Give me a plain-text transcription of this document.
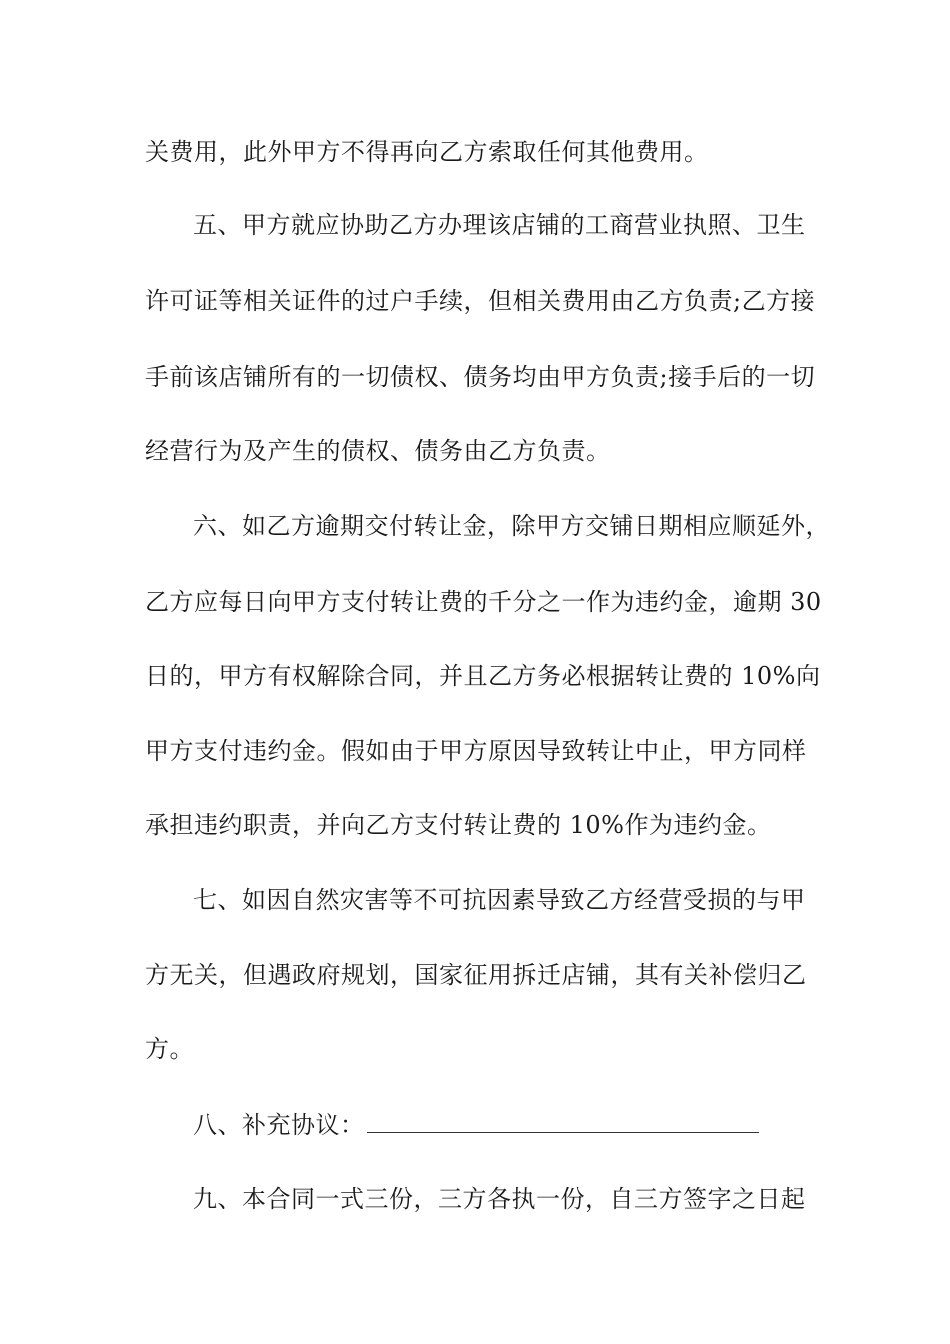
关费用，此外甲方不得再向乙方索取任何其他费用。
五、甲方就应协助乙方办理该店铺的工商营业执照、卫生
许可证等相关证件的过户手续，但相关费用由乙方负责;乙方接
手前该店铺所有的一切债权、债务均由甲方负责;接手后的一切
经营行为及产生的债权、债务由乙方负责。
六、如乙方逾期交付转让金，除甲方交铺日期相应顺延外，
乙方应每日向甲方支付转让费的千分之一作为违约金，逾期 30
日的，甲方有权解除合同，并且乙方务必根据转让费的 10%向
甲方支付违约金。假如由于甲方原因导致转让中止，甲方同样
承担违约职责，并向乙方支付转让费的 10%作为违约金。
七、如因自然灾害等不可抗因素导致乙方经营受损的与甲
方无关，但遇政府规划，国家征用拆迁店铺，其有关补偿归乙
方。
八、补充协议：
九、本合同一式三份，三方各执一份，自三方签字之日起
